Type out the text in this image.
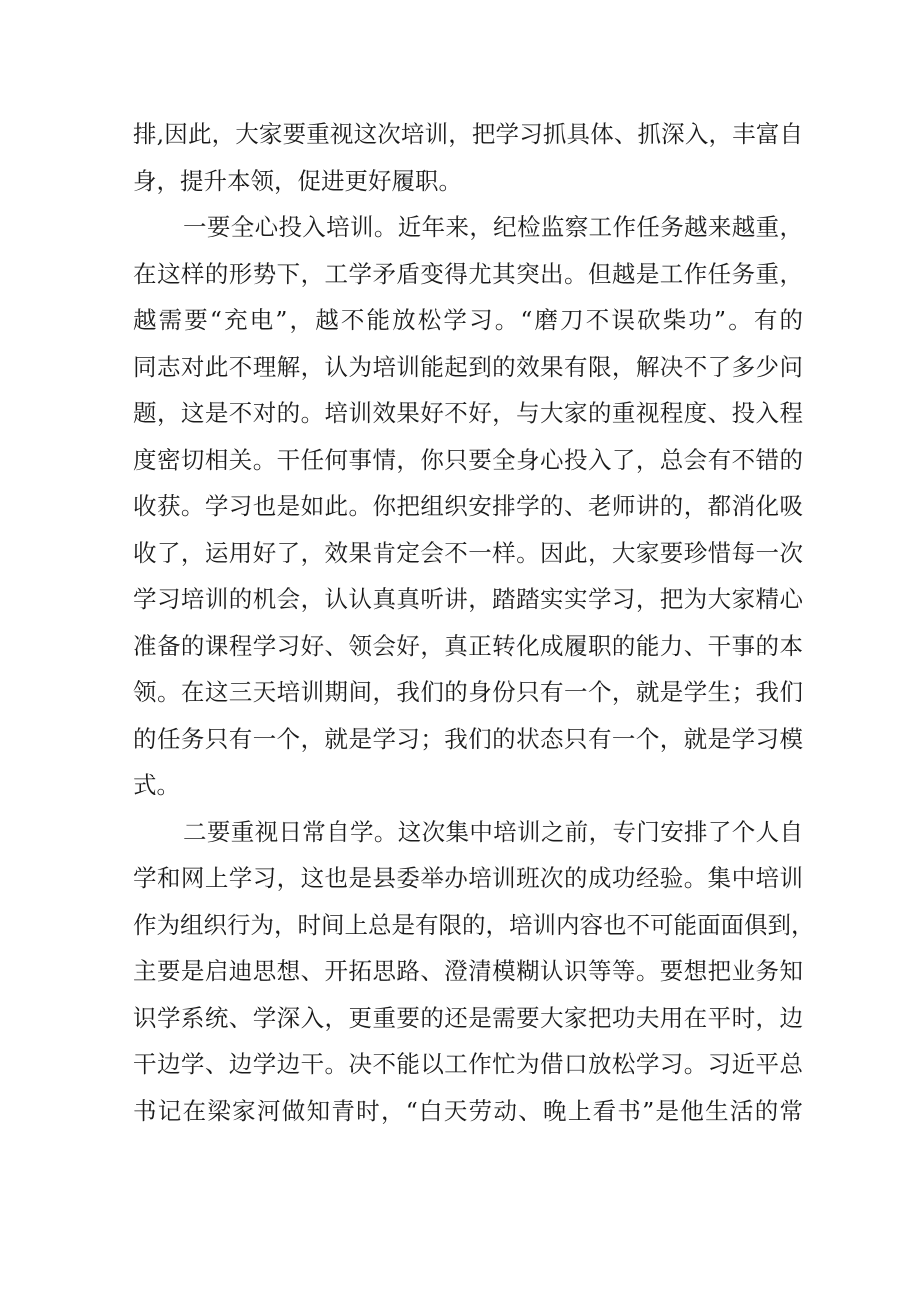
排,因此，大家要重视这次培训，把学习抓具体、抓深入，丰富自
身，提升本领，促进更好履职。
一要全心投入培训。近年来，纪检监察工作任务越来越重，
在这样的形势下，工学矛盾变得尤其突出。但越是工作任务重，
越需要“充电”，越不能放松学习。“磨刀不误砍柴功”。有的
同志对此不理解，认为培训能起到的效果有限，解决不了多少问
题，这是不对的。培训效果好不好，与大家的重视程度、投入程
度密切相关。干任何事情，你只要全身心投入了，总会有不错的
收获。学习也是如此。你把组织安排学的、老师讲的，都消化吸
收了，运用好了，效果肯定会不一样。因此，大家要珍惜每一次
学习培训的机会，认认真真听讲，踏踏实实学习，把为大家精心
准备的课程学习好、领会好，真正转化成履职的能力、干事的本
领。在这三天培训期间，我们的身份只有一个，就是学生；我们
的任务只有一个，就是学习；我们的状态只有一个，就是学习模
式。
二要重视日常自学。这次集中培训之前，专门安排了个人自
学和网上学习，这也是县委举办培训班次的成功经验。集中培训
作为组织行为，时间上总是有限的，培训内容也不可能面面俱到，
主要是启迪思想、开拓思路、澄清模糊认识等等。要想把业务知
识学系统、学深入，更重要的还是需要大家把功夫用在平时，边
干边学、边学边干。决不能以工作忙为借口放松学习。习近平总
书记在梁家河做知青时，“白天劳动、晚上看书”是他生活的常
